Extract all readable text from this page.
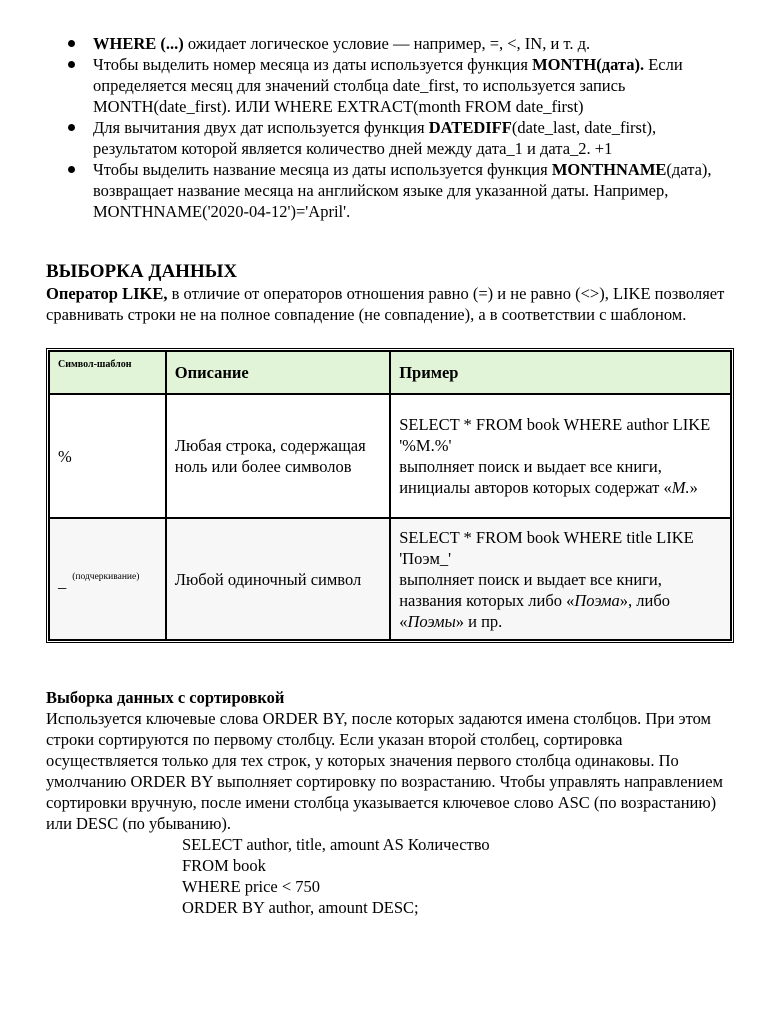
WHERE (...) ожидает логическое условие — например, =, <, IN, и т. д.
Чтобы выделить номер месяца из даты используется функция MONTH(дата). Если определяется месяц для значений столбца date_first, то используется запись MONTH(date_first). ИЛИ WHERE EXTRACT(month FROM date_first)
Для вычитания двух дат используется функция DATEDIFF(date_last, date_first), результатом которой является количество дней между дата_1 и дата_2. +1
Чтобы выделить название месяца из даты используется функция MONTHNAME(дата), возвращает название месяца на английском языке для указанной даты. Например, MONTHNAME('2020-04-12')='April'.
ВЫБОРКА ДАННЫХ

Оператор LIKE, в отличие от операторов отношения равно (=) и не равно (<>), LIKE позволяет сравнивать строки не на полное совпадение (не совпадение), а в соответствии с шаблоном.

Символ-шаблон	Описание	Пример
%	Любая строка, содержащая ноль или более символов	SELECT * FROM book WHERE author LIKE '%М.%'
выполняет поиск и выдает все книги, инициалы авторов которых содержат «М.»

_ $^{(подчеркивание)}$	Любой одиночный символ	SELECT * FROM book WHERE title LIKE 'Поэм_'
выполняет поиск и выдает все книги, названия которых либо «Поэма», либо «Поэмы» и пр.

Выборка данных с сортировкой

Используется ключевые слова ORDER BY, после которых задаются имена столбцов. При этом строки сортируются по первому столбцу. Если указан второй столбец, сортировка осуществляется только для тех строк, у которых значения первого столбца одинаковы. По умолчанию ORDER BY выполняет сортировку по возрастанию. Чтобы управлять направлением сортировки вручную, после имени столбца указывается ключевое слово ASC (по возрастанию) или DESC (по убыванию).

SELECT author, title, amount AS Количество
FROM book
WHERE price < 750
ORDER BY author, amount DESC;
